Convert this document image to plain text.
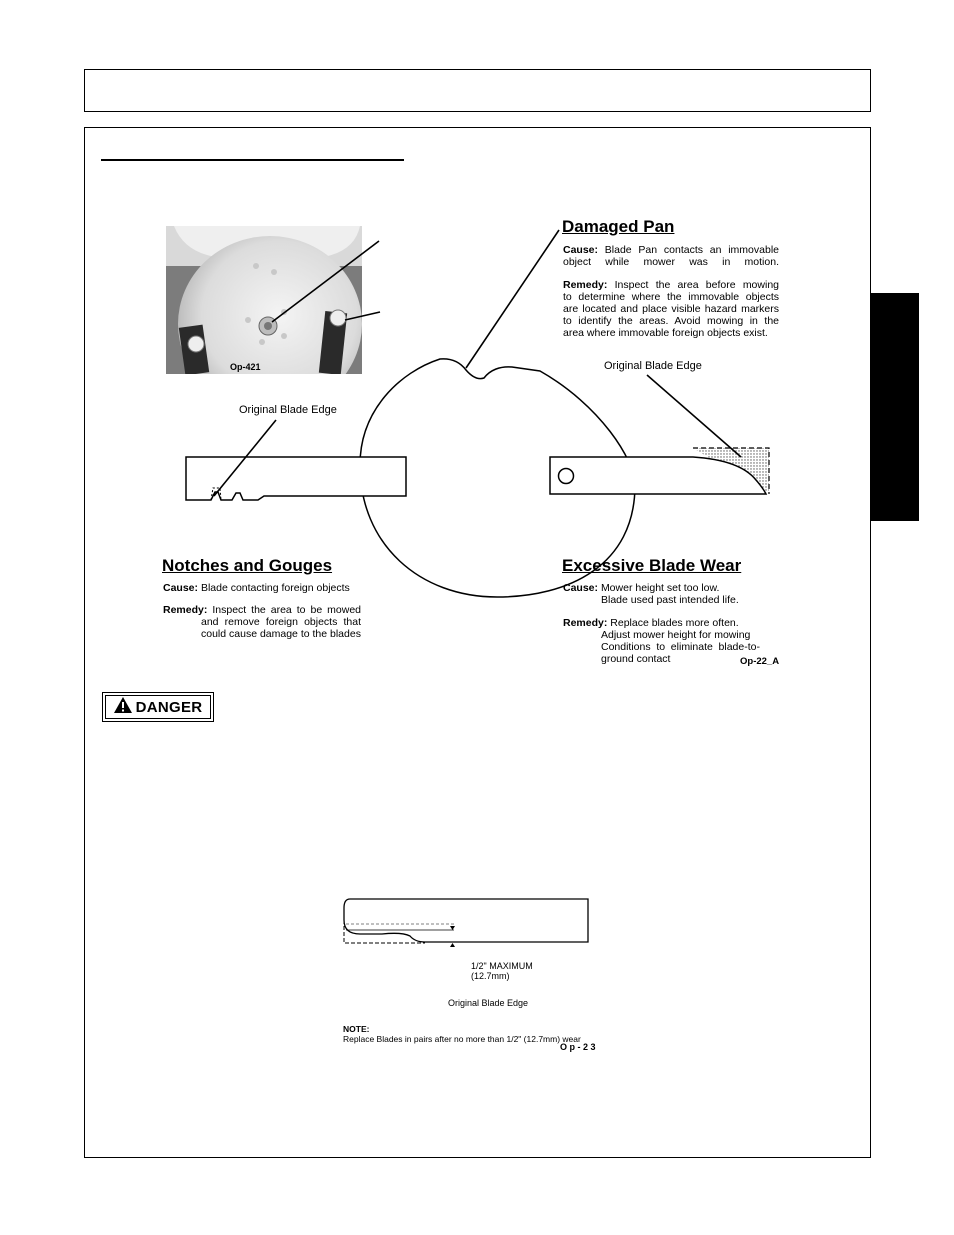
Op-421
Damaged Pan
Cause: Blade Pan contacts an immovable
object while mower was in motion.
Remedy: Inspect the area before mowing
to determine where the immovable objects
are located and place visible hazard markers
to identify the areas. Avoid mowing in the
area where immovable foreign objects exist.
Original Blade Edge
Original Blade Edge
Notches and Gouges
Cause: Blade contacting foreign objects
Remedy: Inspect the area to be mowed
and remove foreign objects that
could cause damage to the blades
Excessive Blade Wear
Cause: Mower height set too low.
Blade used past intended life.
Remedy: Replace blades more often.
Adjust mower height for mowing
Conditions to eliminate blade-to-
ground contact	Op-22_A
DANGER
1/2" MAXIMUM
(12.7mm)
Original Blade Edge
NOTE:
Replace Blades in pairs after no more than 1/2" (12.7mm) wear
O p - 2 3
